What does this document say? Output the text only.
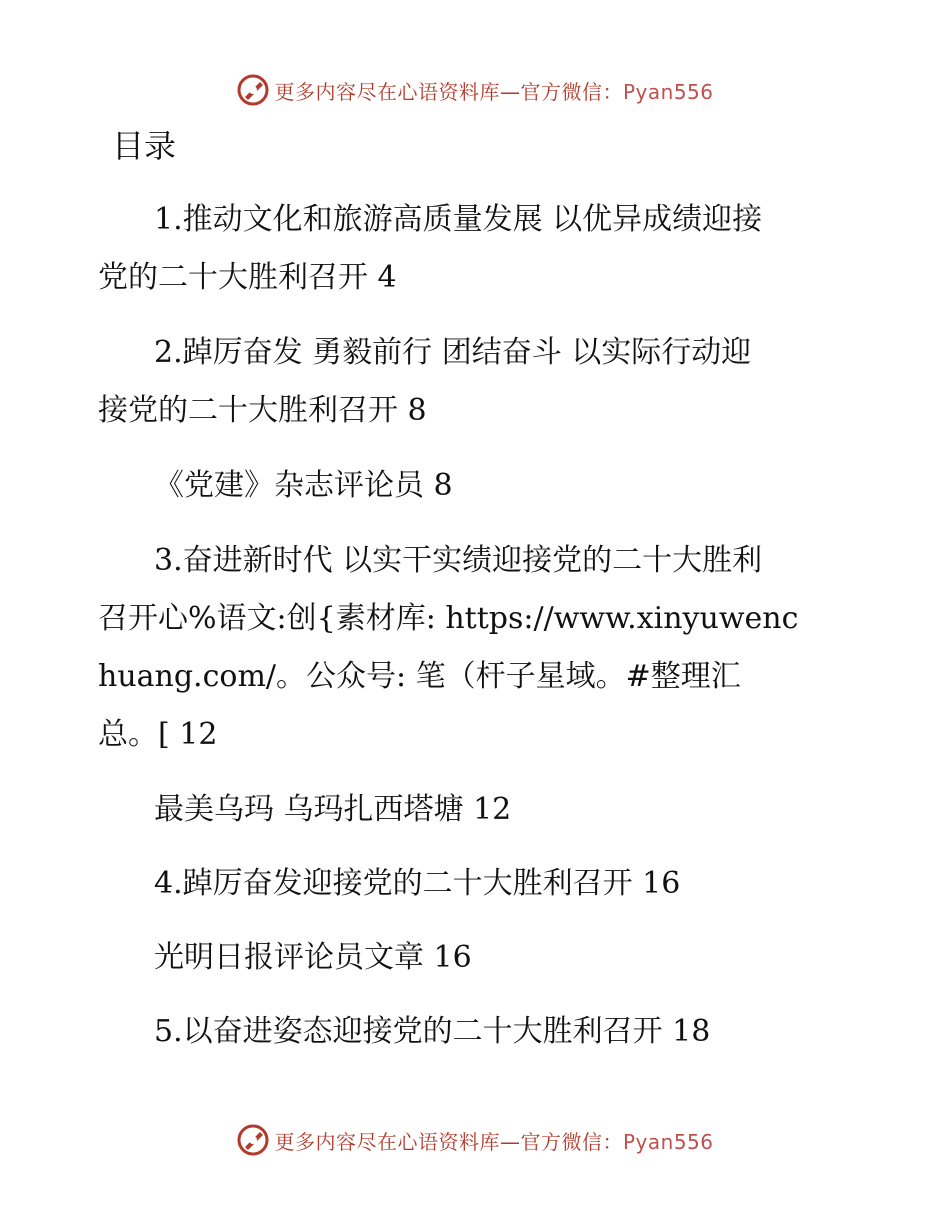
更多内容尽在心语资料库—官方微信：Pyan556
目录
1.推动文化和旅游高质量发展 以优异成绩迎接
党的二十大胜利召开 4
2.踔厉奋发 勇毅前行 团结奋斗 以实际行动迎
接党的二十大胜利召开 8
《党建》杂志评论员 8
3.奋进新时代 以实干实绩迎接党的二十大胜利
召开心%语文:创{素材库: https://www.xinyuwenc
huang.com/。公众号: 笔（杆子星域。#整理汇
总。[ 12
最美乌玛 乌玛扎西塔塘 12
4.踔厉奋发迎接党的二十大胜利召开 16
光明日报评论员文章 16
5.以奋进姿态迎接党的二十大胜利召开 18
更多内容尽在心语资料库—官方微信：Pyan556
